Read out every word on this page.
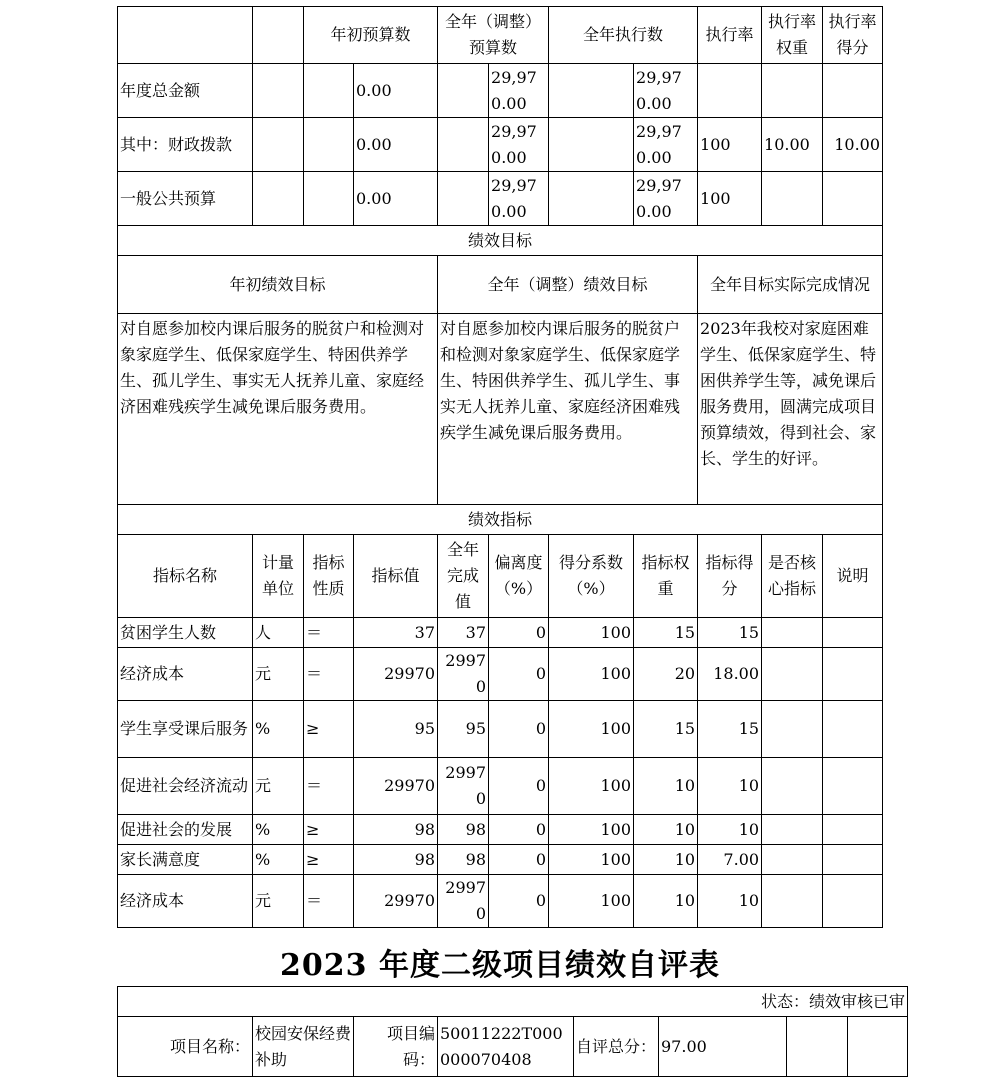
		年初预算数		全年（调整）预算数		全年执行数		执行率	执行率权重	执行率得分
年度总金额			0.00		29,970.00		29,970.00			
其中：财政拨款			0.00		29,970.00		29,970.00	100	10.00	10.00
一般公共预算			0.00		29,970.00		29,970.00	100		
绩效目标										
年初绩效目标				全年（调整）绩效目标				全年目标实际完成情况		
对自愿参加校内课后服务的脱贫户和检测对象家庭学生、低保家庭学生、特困供养学生、孤儿学生、事实无人抚养儿童、家庭经济困难残疾学生减免课后服务费用。				对自愿参加校内课后服务的脱贫户和检测对象家庭学生、低保家庭学生、特困供养学生、孤儿学生、事实无人抚养儿童、家庭经济困难残疾学生减免课后服务费用。				2023年我校对家庭困难学生、低保家庭学生、特困供养学生等，减免课后服务费用，圆满完成项目预算绩效，得到社会、家长、学生的好评。		
绩效指标										
指标名称	计量单位	指标性质	指标值	全年完成值	偏离度（%）	得分系数（%）	指标权重	指标得分	是否核心指标	说明
贫困学生人数	人	＝	37	37	0	100	15	15		
经济成本	元	＝	29970	29970	0	100	20	18.00		
学生享受课后服务	%	≥	95	95	0	100	15	15		
促进社会经济流动	元	＝	29970	29970	0	100	10	10		
促进社会的发展	%	≥	98	98	0	100	10	10		
家长满意度	%	≥	98	98	0	100	10	7.00		
经济成本	元	＝	29970	29970	0	100	10	10		
2023 年度二级项目绩效自评表
状态：绩效审核已审
项目名称：	校园安保经费补助	项目编码：	50011222T000000070408	自评总分：	97.00		
